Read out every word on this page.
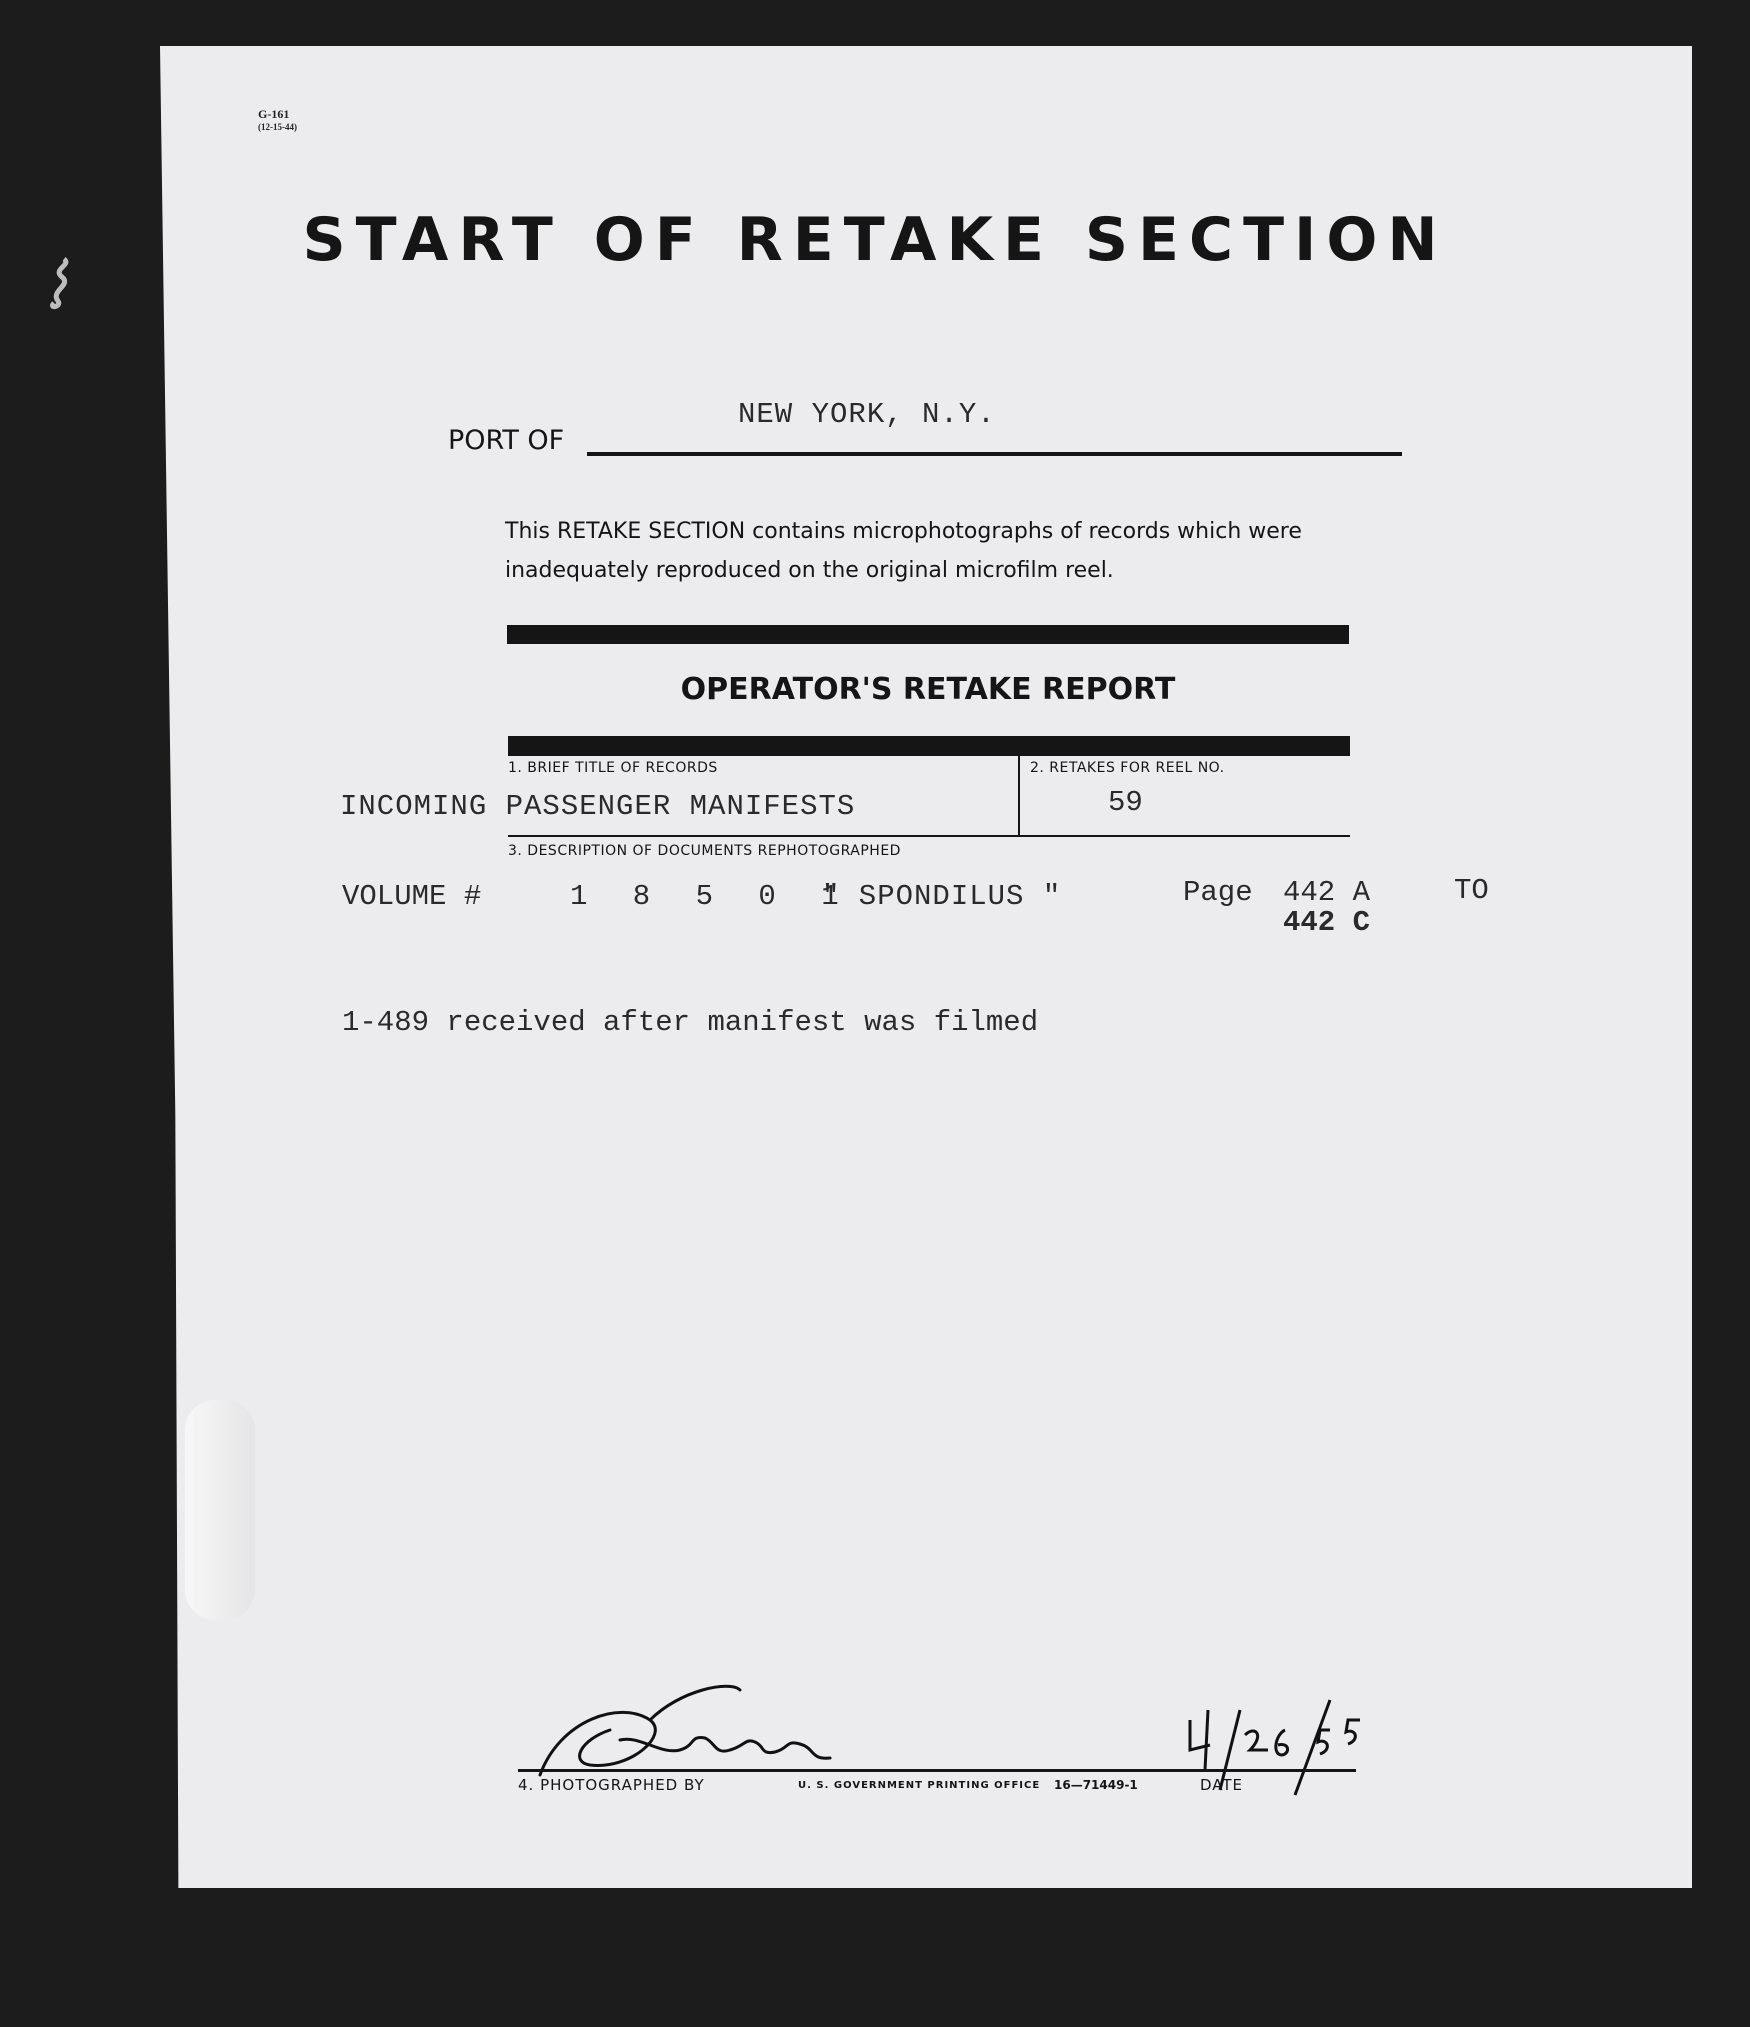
G-161
(12-15-44)
START OF RETAKE SECTION
PORT OF
NEW YORK, N.Y.
This RETAKE SECTION contains microphotographs of records which were
inadequately reproduced on the original microfilm reel.
OPERATOR'S RETAKE REPORT
1. BRIEF TITLE OF RECORDS	2. RETAKES FOR REEL NO.
INCOMING PASSENGER MANIFESTS	59
3. DESCRIPTION OF DOCUMENTS REPHOTOGRAPHED
VOLUME #	1 8 5 0 1
" SPONDILUS "	Page 442 A
442 C
TO
1-489 received after manifest was filmed
4. PHOTOGRAPHED BY	U. S. GOVERNMENT PRINTING OFFICE 16—71449-1	DATE
